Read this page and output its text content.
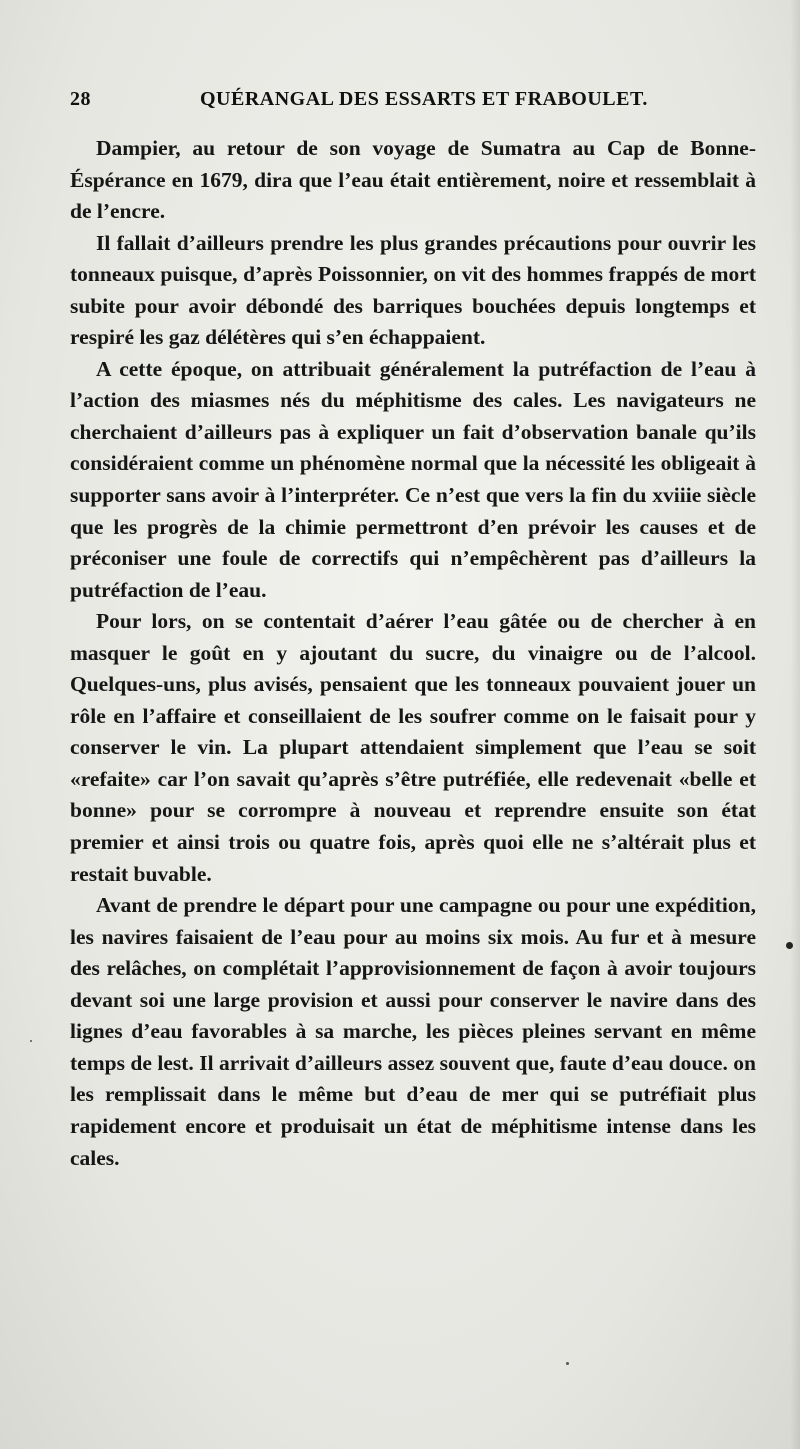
28	QUÉRANGAL DES ESSARTS ET FRABOULET.

Dampier, au retour de son voyage de Sumatra au Cap de Bonne-Éspérance en 1679, dira que l’eau était entièrement, noire et ressemblait à de l’encre.

Il fallait d’ailleurs prendre les plus grandes précautions pour ouvrir les tonneaux puisque, d’après Poissonnier, on vit des hommes frappés de mort subite pour avoir débondé des barriques bouchées depuis longtemps et respiré les gaz délétères qui s’en échappaient.

A cette époque, on attribuait généralement la putréfaction de l’eau à l’action des miasmes nés du méphitisme des cales. Les navigateurs ne cherchaient d’ailleurs pas à expliquer un fait d’observation banale qu’ils considéraient comme un phénomène normal que la nécessité les obligeait à supporter sans avoir à l’interpréter. Ce n’est que vers la fin du xviiie siècle que les progrès de la chimie permettront d’en prévoir les causes et de préconiser une foule de correctifs qui n’empêchèrent pas d’ailleurs la putréfaction de l’eau.

Pour lors, on se contentait d’aérer l’eau gâtée ou de chercher à en masquer le goût en y ajoutant du sucre, du vinaigre ou de l’alcool. Quelques-uns, plus avisés, pensaient que les tonneaux pouvaient jouer un rôle en l’affaire et conseillaient de les soufrer comme on le faisait pour y conserver le vin. La plupart attendaient simplement que l’eau se soit «refaite» car l’on savait qu’après s’être putréfiée, elle redevenait «belle et bonne» pour se corrompre à nouveau et reprendre ensuite son état premier et ainsi trois ou quatre fois, après quoi elle ne s’altérait plus et restait buvable.

Avant de prendre le départ pour une campagne ou pour une expédition, les navires faisaient de l’eau pour au moins six mois. Au fur et à mesure des relâches, on complétait l’approvisionnement de façon à avoir toujours devant soi une large provision et aussi pour conserver le navire dans des lignes d’eau favorables à sa marche, les pièces pleines servant en même temps de lest. Il arrivait d’ailleurs assez souvent que, faute d’eau douce. on les remplissait dans le même but d’eau de mer qui se putréfiait plus rapidement encore et produisait un état de méphitisme intense dans les cales.
